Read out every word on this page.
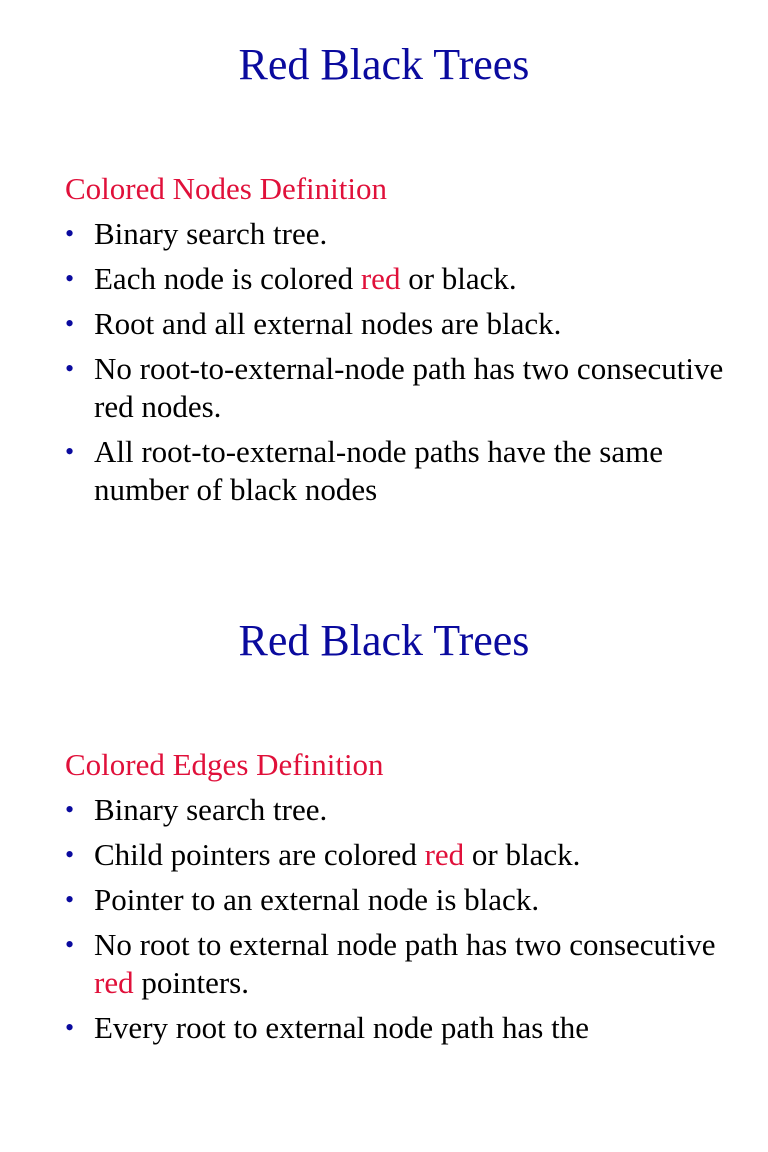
Red Black Trees
Colored Nodes Definition
• Binary search tree.
• Each node is colored red or black.
• Root and all external nodes are black.
• No root-to-external-node path has two consecutive red nodes.
• All root-to-external-node paths have the same number of black nodes
Red Black Trees
Colored Edges Definition
• Binary search tree.
• Child pointers are colored red or black.
• Pointer to an external node is black.
• No root to external node path has two consecutive red pointers.
• Every root to external node path has the
